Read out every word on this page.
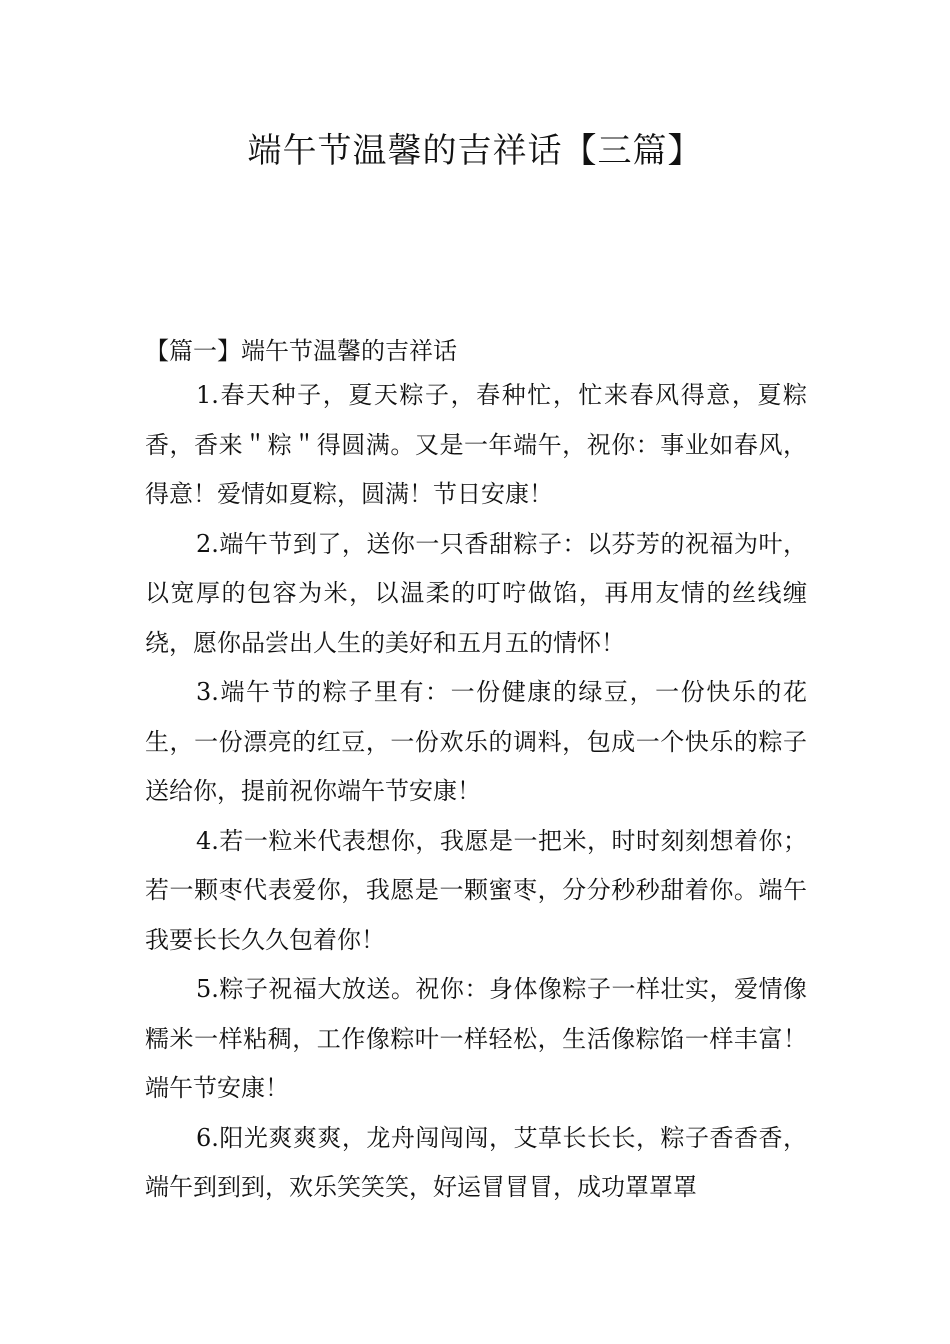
端午节温馨的吉祥话【三篇】

【篇一】端午节温馨的吉祥话

1.春天种子，夏天粽子，春种忙，忙来春风得意，夏粽香，香来＂粽＂得圆满。又是一年端午，祝你：事业如春风，得意！爱情如夏粽，圆满！节日安康！

2.端午节到了，送你一只香甜粽子：以芬芳的祝福为叶，以宽厚的包容为米，以温柔的叮咛做馅，再用友情的丝线缠绕，愿你品尝出人生的美好和五月五的情怀！

3.端午节的粽子里有：一份健康的绿豆，一份快乐的花生，一份漂亮的红豆，一份欢乐的调料，包成一个快乐的粽子送给你，提前祝你端午节安康！

4.若一粒米代表想你，我愿是一把米，时时刻刻想着你；若一颗枣代表爱你，我愿是一颗蜜枣，分分秒秒甜着你。端午我要长长久久包着你！

5.粽子祝福大放送。祝你：身体像粽子一样壮实，爱情像糯米一样粘稠，工作像粽叶一样轻松，生活像粽馅一样丰富！端午节安康！

6.阳光爽爽爽，龙舟闯闯闯，艾草长长长，粽子香香香，端午到到到，欢乐笑笑笑，好运冒冒冒，成功罩罩罩
